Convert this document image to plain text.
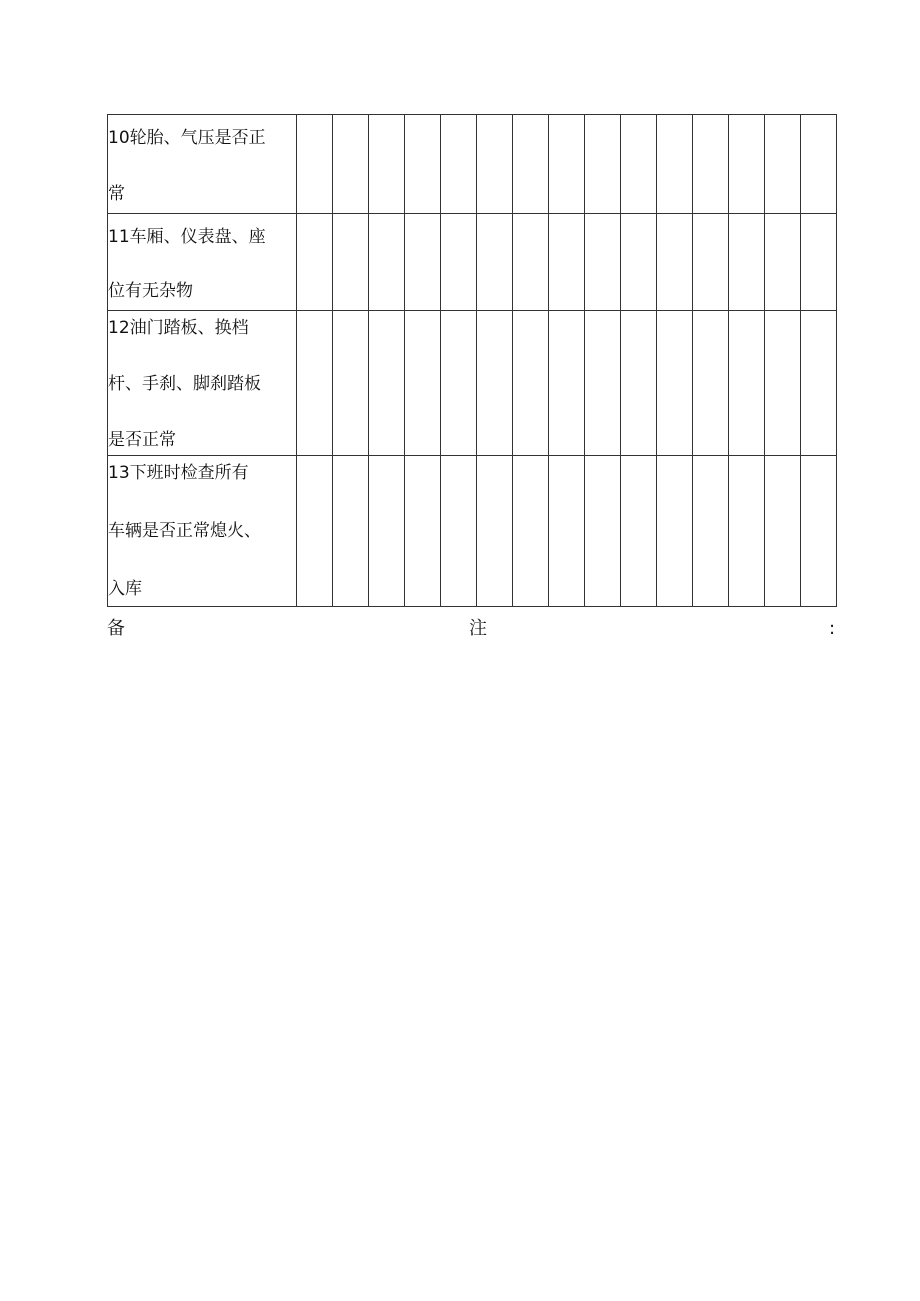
10轮胎、气压是否正
常															

11车厢、仪表盘、座
位有无杂物															

12油门踏板、换档
杆、手刹、脚刹踏板
是否正常															

13下班时检查所有
车辆是否正常熄火、
入库															

备	注	:
